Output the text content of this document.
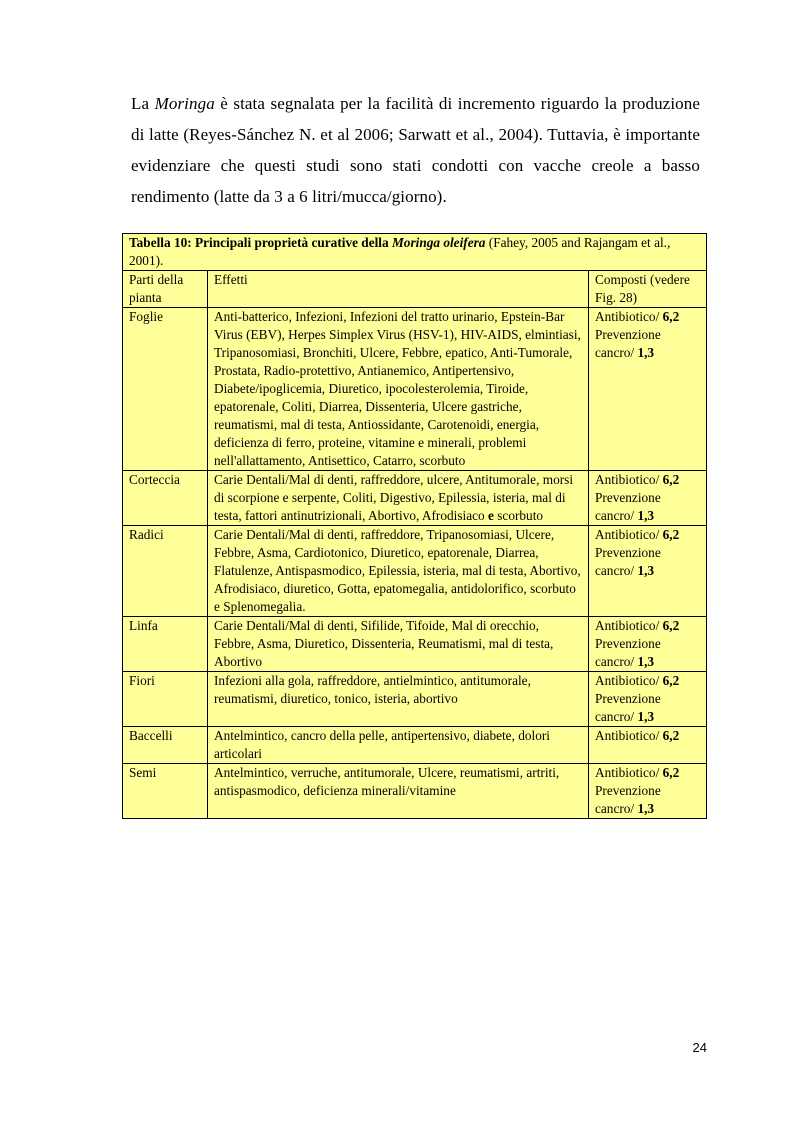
La Moringa è stata segnalata per la facilità di incremento riguardo la produzione di latte (Reyes-Sánchez N. et al 2006; Sarwatt et al., 2004). Tuttavia, è importante evidenziare che questi studi sono stati condotti con vacche creole a basso rendimento (latte da 3 a 6 litri/mucca/giorno).
Tabella 10: Principali proprietà curative della Moringa oleifera (Fahey, 2005 and Rajangam et al., 2001).		
Parti della pianta	Effetti	Composti (vedere Fig. 28)
Foglie	Anti-batterico, Infezioni, Infezioni del tratto urinario, Epstein-Bar Virus (EBV), Herpes Simplex Virus (HSV-1), HIV-AIDS, elmintiasi, Tripanosomiasi, Bronchiti, Ulcere, Febbre, epatico, Anti-Tumorale, Prostata, Radio-protettivo, Antianemico, Antipertensivo, Diabete/ipoglicemia, Diuretico, ipocolesterolemia, Tiroide, epatorenale, Coliti, Diarrea, Dissenteria, Ulcere gastriche, reumatismi, mal di testa, Antiossidante, Carotenoidi, energia, deficienza di ferro, proteine, vitamine e minerali, problemi nell'allattamento, Antisettico, Catarro, scorbuto	Antibiotico/ 6,2
Prevenzione cancro/ 1,3
Corteccia	Carie Dentali/Mal di denti, raffreddore, ulcere, Antitumorale, morsi di scorpione e serpente, Coliti, Digestivo, Epilessia, isteria, mal di testa, fattori antinutrizionali, Abortivo, Afrodisiaco e scorbuto	Antibiotico/ 6,2
Prevenzione cancro/ 1,3
Radici	Carie Dentali/Mal di denti, raffreddore, Tripanosomiasi, Ulcere, Febbre, Asma, Cardiotonico, Diuretico, epatorenale, Diarrea, Flatulenze, Antispasmodico, Epilessia, isteria, mal di testa, Abortivo, Afrodisiaco, diuretico, Gotta, epatomegalia, antidolorifico, scorbuto e Splenomegalia.	Antibiotico/ 6,2
Prevenzione cancro/ 1,3
Linfa	Carie Dentali/Mal di denti, Sifilide, Tifoide, Mal di orecchio, Febbre, Asma, Diuretico, Dissenteria, Reumatismi, mal di testa, Abortivo	Antibiotico/ 6,2
Prevenzione cancro/ 1,3
Fiori	Infezioni alla gola, raffreddore, antielmintico, antitumorale, reumatismi, diuretico, tonico, isteria, abortivo	Antibiotico/ 6,2
Prevenzione cancro/ 1,3
Baccelli	Antelmintico, cancro della pelle, antipertensivo, diabete, dolori articolari	Antibiotico/ 6,2
Semi	Antelmintico, verruche, antitumorale, Ulcere, reumatismi, artriti, antispasmodico, deficienza minerali/vitamine	Antibiotico/ 6,2
Prevenzione cancro/ 1,3
24
